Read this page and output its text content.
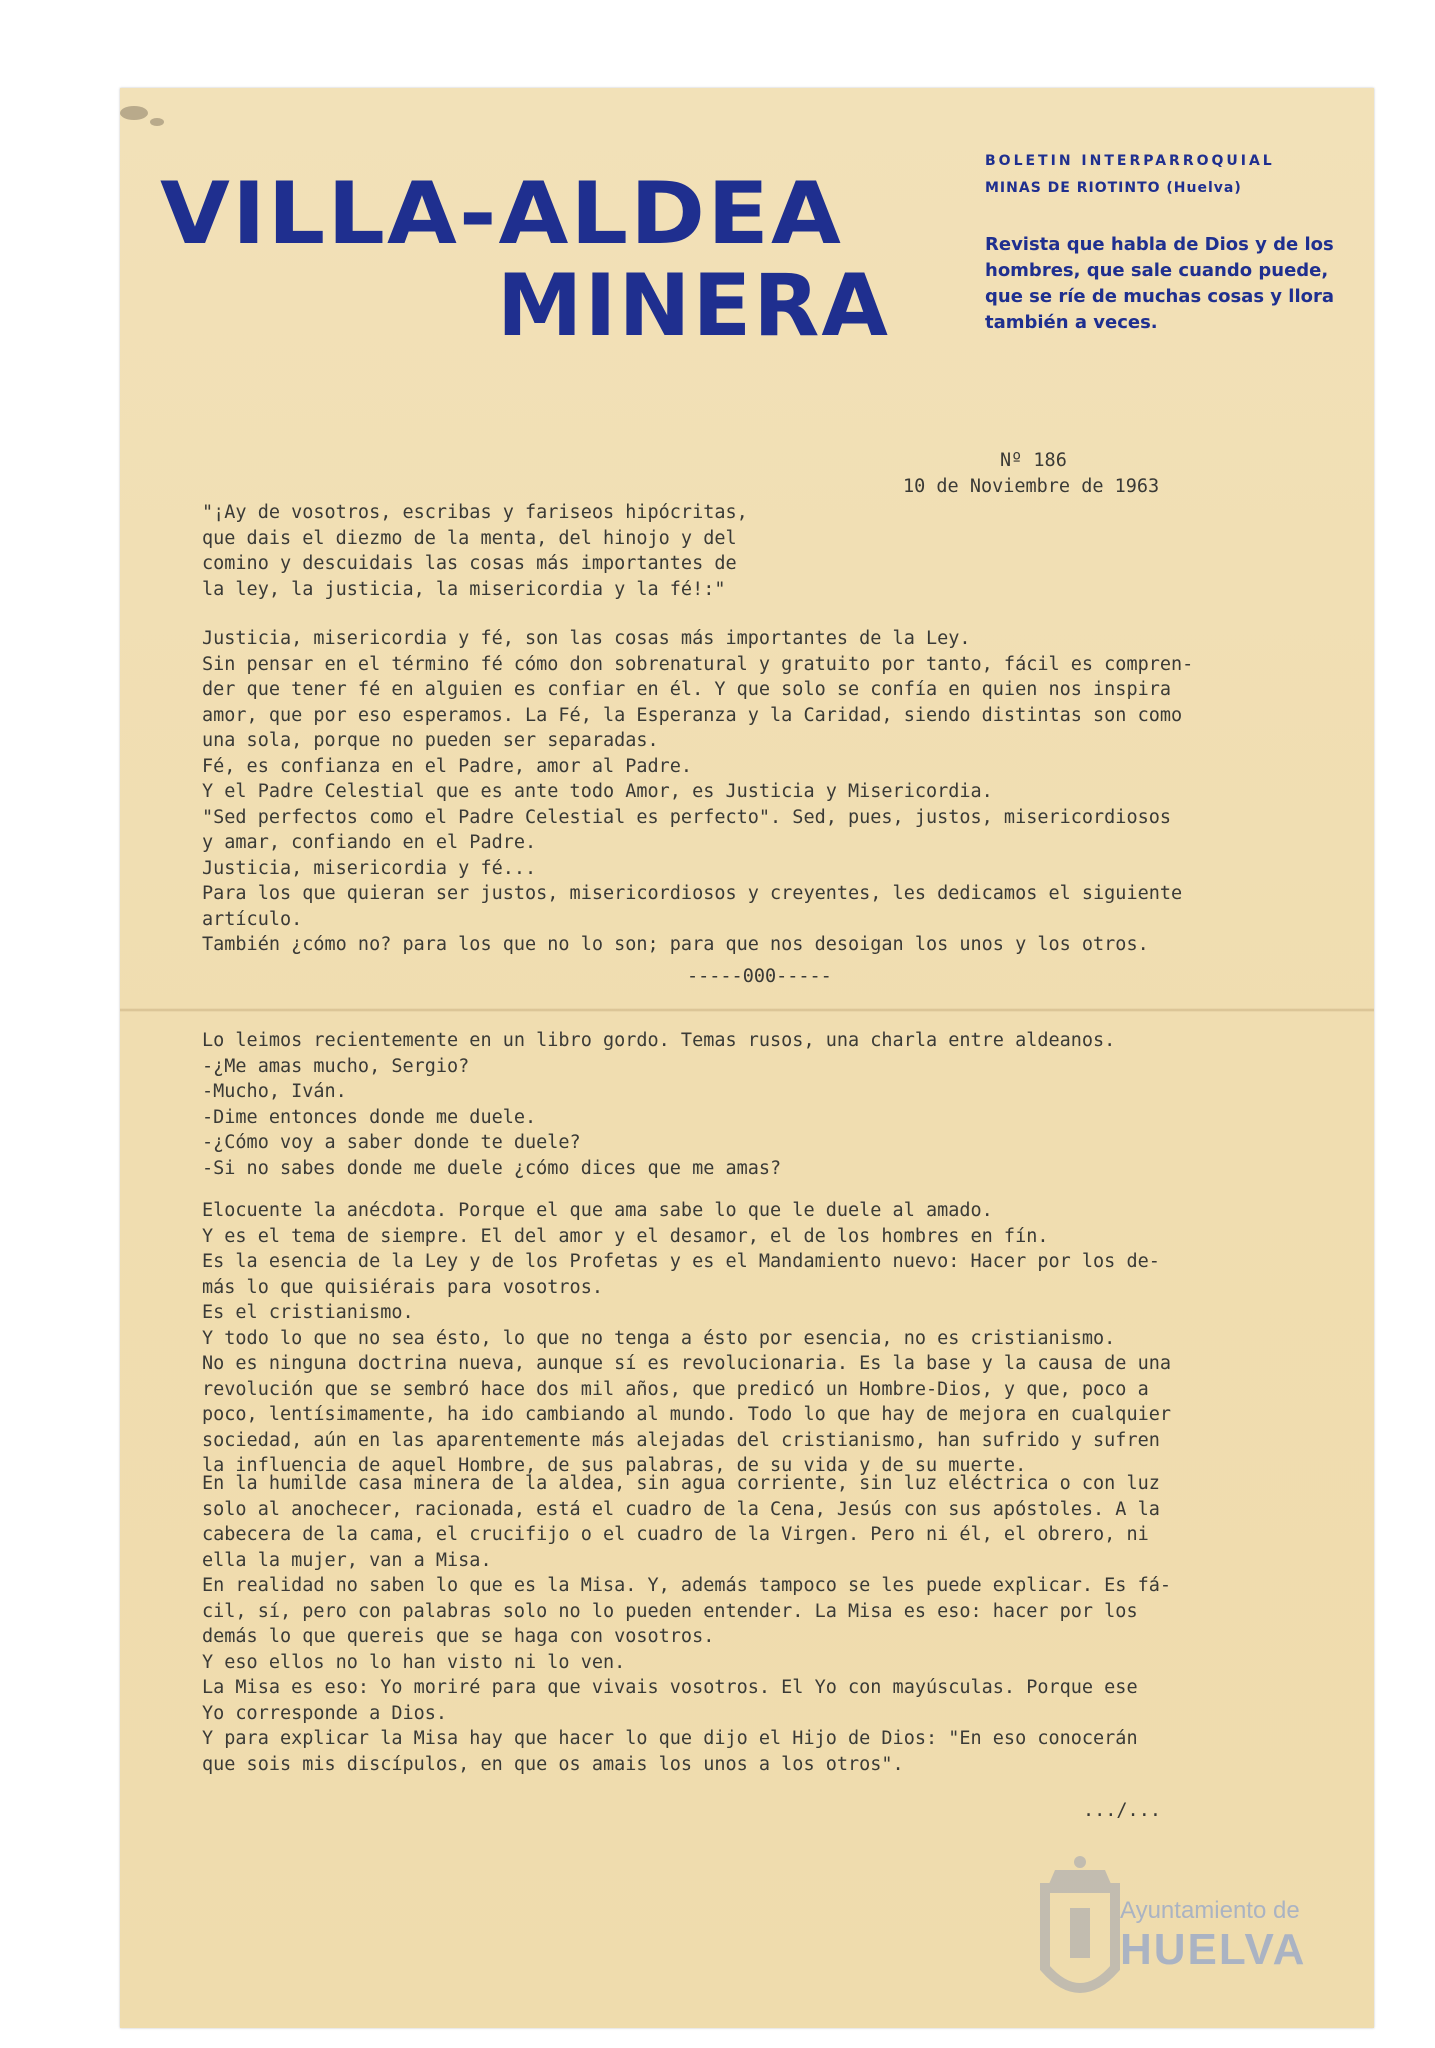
VILLA-ALDEA
MINERA
BOLETIN INTERPARROQUIAL
MINAS DE RIOTINTO (Huelva)
Revista que habla de Dios y de los hombres, que sale cuando puede, que se ríe de muchas cosas y llora también a veces.
Nº 186
10 de Noviembre de 1963
"¡Ay de vosotros, escribas y fariseos hipócritas,
que dais el diezmo de la menta, del hinojo y del
comino y descuidais las cosas más importantes de
la ley, la justicia, la misericordia y la fé!:"
Justicia, misericordia y fé, son las cosas más importantes de la Ley.
Sin pensar en el término fé cómo don sobrenatural y gratuito por tanto, fácil es compren-
der que tener fé en alguien es confiar en él. Y que solo se confía en quien nos inspira
amor, que por eso esperamos. La Fé, la Esperanza y la Caridad, siendo distintas son como
una sola, porque no pueden ser separadas.
Fé, es confianza en el Padre, amor al Padre.
Y el Padre Celestial que es ante todo Amor, es Justicia y Misericordia.
"Sed perfectos como el Padre Celestial es perfecto". Sed, pues, justos, misericordiosos
y amar, confiando en el Padre.
Justicia, misericordia y fé...
Para los que quieran ser justos, misericordiosos y creyentes, les dedicamos el siguiente
artículo.
También ¿cómo no? para los que no lo son; para que nos desoigan los unos y los otros.
-----000-----
Lo leimos recientemente en un libro gordo. Temas rusos, una charla entre aldeanos.
-¿Me amas mucho, Sergio?
-Mucho, Iván.
-Dime entonces donde me duele.
-¿Cómo voy a saber donde te duele?
-Si no sabes donde me duele ¿cómo dices que me amas?
Elocuente la anécdota. Porque el que ama sabe lo que le duele al amado.
Y es el tema de siempre. El del amor y el desamor, el de los hombres en fín.
Es la esencia de la Ley y de los Profetas y es el Mandamiento nuevo: Hacer por los de-
más lo que quisiérais para vosotros.
Es el cristianismo.
Y todo lo que no sea ésto, lo que no tenga a ésto por esencia, no es cristianismo.
No es ninguna doctrina nueva, aunque sí es revolucionaria. Es la base y la causa de una
revolución que se sembró hace dos mil años, que predicó un Hombre-Dios, y que, poco a
poco, lentísimamente, ha ido cambiando al mundo. Todo lo que hay de mejora en cualquier
sociedad, aún en las aparentemente más alejadas del cristianismo, han sufrido y sufren
la influencia de aquel Hombre, de sus palabras, de su vida y de su muerte.
En la humilde casa minera de la aldea, sin agua corriente, sin luz eléctrica o con luz
solo al anochecer, racionada, está el cuadro de la Cena, Jesús con sus apóstoles. A la
cabecera de la cama, el crucifijo o el cuadro de la Virgen. Pero ni él, el obrero, ni
ella la mujer, van a Misa.
En realidad no saben lo que es la Misa. Y, además tampoco se les puede explicar. Es fá-
cil, sí, pero con palabras solo no lo pueden entender. La Misa es eso: hacer por los
demás lo que quereis que se haga con vosotros.
Y eso ellos no lo han visto ni lo ven.
La Misa es eso: Yo moriré para que vivais vosotros. El Yo con mayúsculas. Porque ese
Yo corresponde a Dios.
Y para explicar la Misa hay que hacer lo que dijo el Hijo de Dios: "En eso conocerán
que sois mis discípulos, en que os amais los unos a los otros".
.../...
Ayuntamiento de
HUELVA
